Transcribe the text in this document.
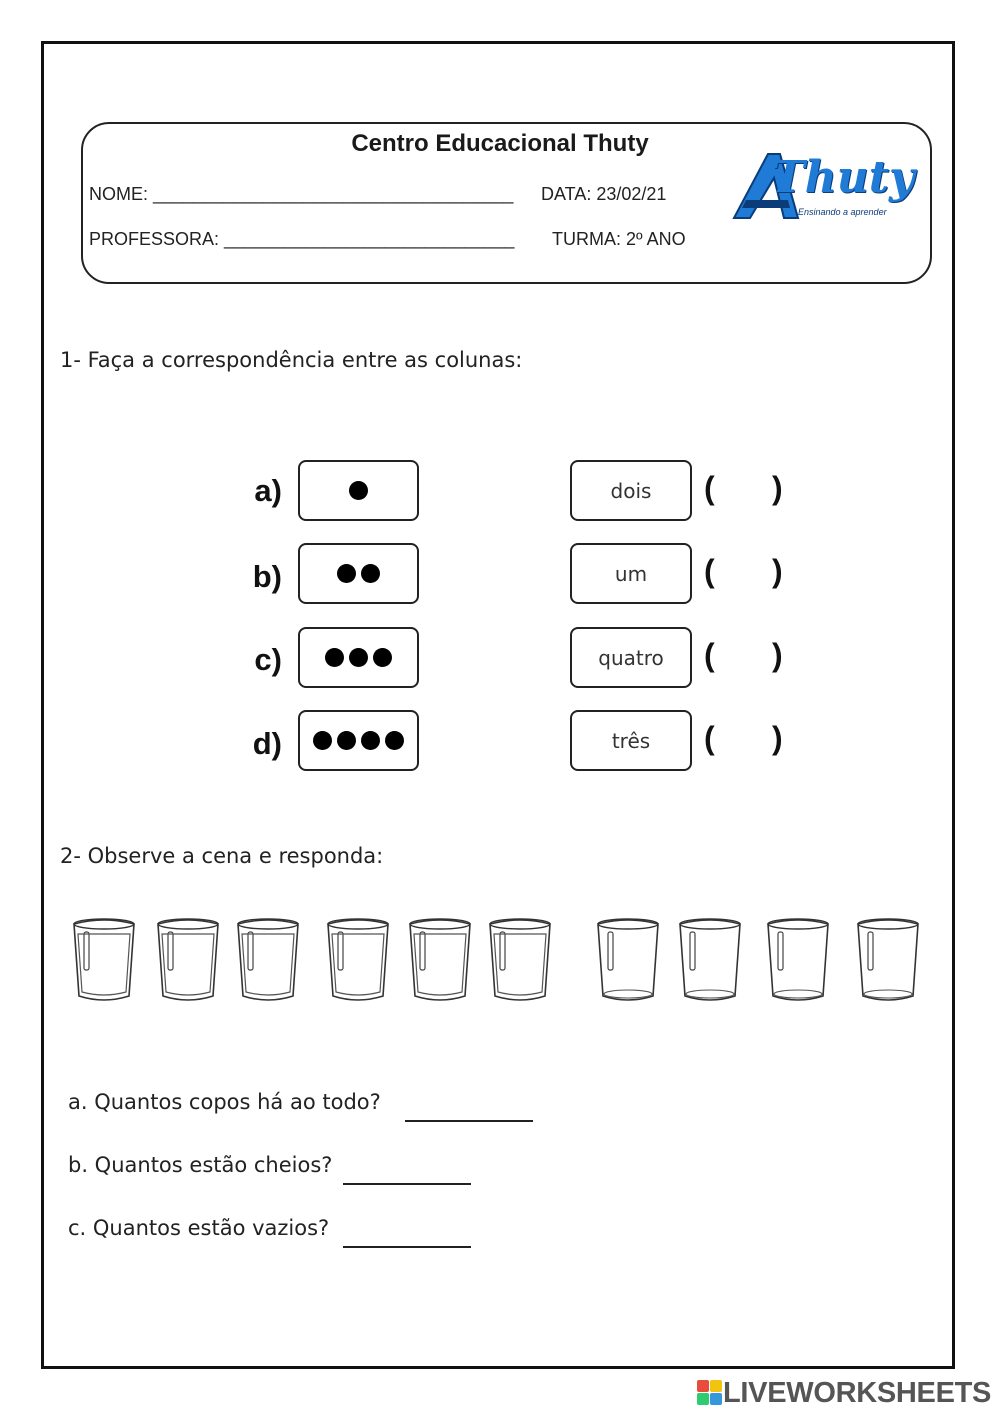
Centro Educacional Thuty
NOME: ____________________________________ DATA: 23/02/21
PROFESSORA: _____________________________ TURMA: 2º ANO
Thuty
Ensinando a aprender
1- Faça a correspondência entre as colunas:
a)	dois	( )
b)	um	( )
c)	quatro	( )
d)	três	( )
2- Observe a cena e responda:
a. Quantos copos há ao todo?
b. Quantos estão cheios?
c. Quantos estão vazios?
LIVEWORKSHEETS
